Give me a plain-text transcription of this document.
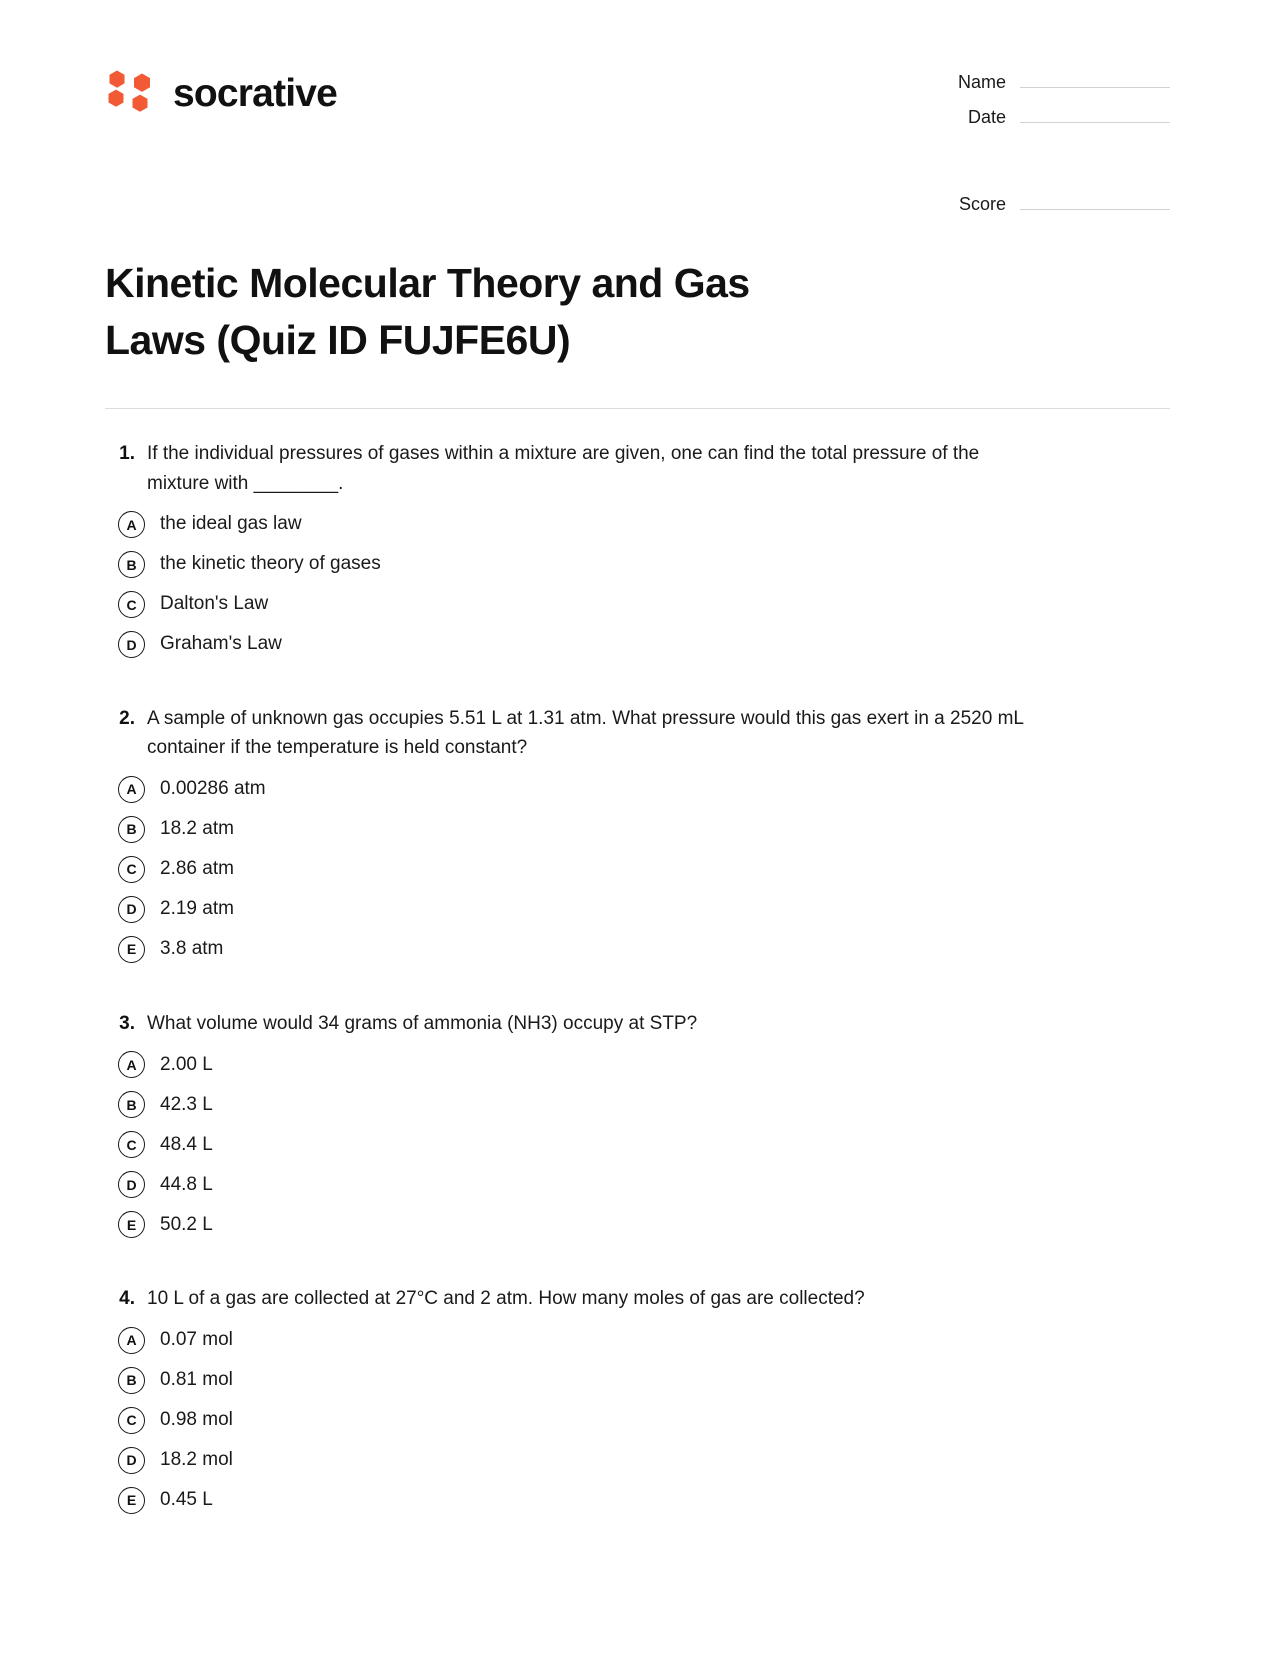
socrative	Name
Date
Score
Kinetic Molecular Theory and Gas Laws (Quiz ID FUJFE6U)
1. If the individual pressures of gases within a mixture are given, one can find the total pressure of the mixture with ________.
A	the ideal gas law
B	the kinetic theory of gases
C	Dalton's Law
D	Graham's Law
2. A sample of unknown gas occupies 5.51 L at 1.31 atm. What pressure would this gas exert in a 2520 mL container if the temperature is held constant?
A	0.00286 atm
B	18.2 atm
C	2.86 atm
D	2.19 atm
E	3.8 atm
3. What volume would 34 grams of ammonia (NH3) occupy at STP?
A	2.00 L
B	42.3 L
C	48.4 L
D	44.8 L
E	50.2 L
4. 10 L of a gas are collected at 27°C and 2 atm. How many moles of gas are collected?
A	0.07 mol
B	0.81 mol
C	0.98 mol
D	18.2 mol
E	0.45 L
